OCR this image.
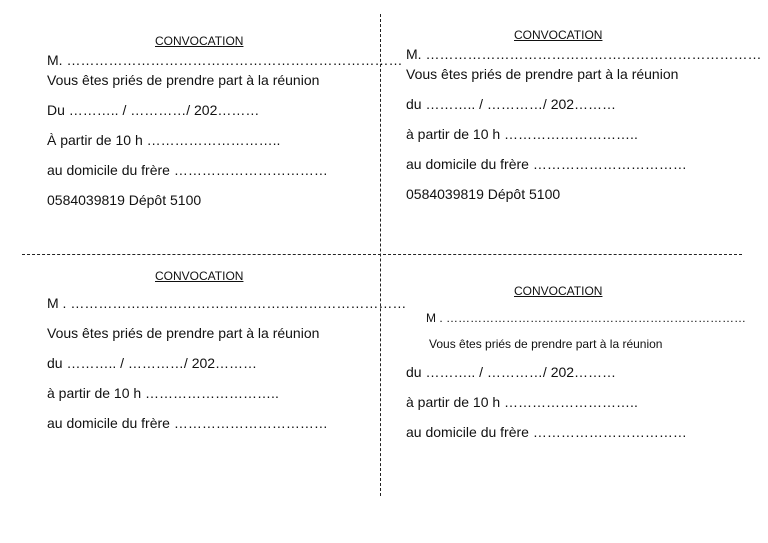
CONVOCATION
M. ………………………………………………………………
Vous êtes priés de prendre part à la réunion
Du ……….. / …………/ 202………
À partir de 10 h ………………………..
au domicile du frère ……………………………
0584039819 Dépôt 5100
CONVOCATION
M. ………………………………………………………………
Vous êtes priés de prendre part à la réunion
du ……….. / …………/ 202………
à partir de 10 h ………………………..
au domicile du frère ……………………………
0584039819 Dépôt 5100
CONVOCATION
M . ………………………………………………………………
Vous êtes priés de prendre part à la réunion
du ……….. / …………/ 202………
à partir de 10 h ………………………..
au domicile du frère ……………………………
CONVOCATION
M . …………………………………………………………………
Vous êtes priés de prendre part à la réunion
du ……….. / …………/ 202………
à partir de 10 h ………………………..
au domicile du frère ……………………………
